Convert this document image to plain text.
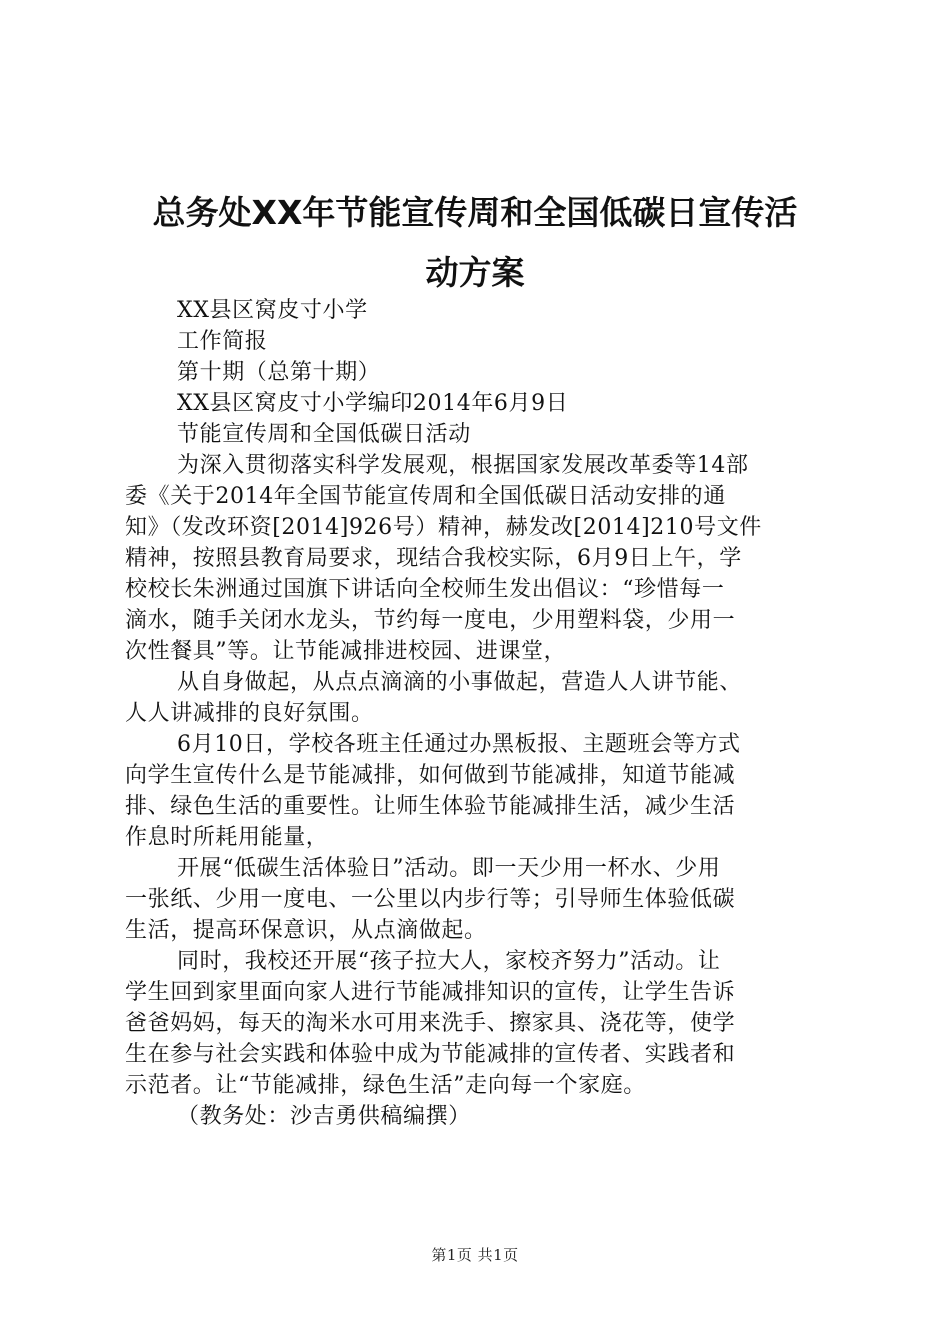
总务处XX年节能宣传周和全国低碳日宣传活
动方案
XX县区窝皮寸小学
工作简报
第十期（总第十期）
XX县区窝皮寸小学编印2014年6月9日
节能宣传周和全国低碳日活动
为深入贯彻落实科学发展观，根据国家发展改革委等14部
委《关于2014年全国节能宣传周和全国低碳日活动安排的通
知》（发改环资[2014]926号）精神，赫发改[2014]210号文件
精神，按照县教育局要求，现结合我校实际，6月9日上午，学
校校长朱洲通过国旗下讲话向全校师生发出倡议：“珍惜每一
滴水，随手关闭水龙头，节约每一度电，少用塑料袋，少用一
次性餐具”等。让节能减排进校园、进课堂，
从自身做起，从点点滴滴的小事做起，营造人人讲节能、
人人讲减排的良好氛围。
6月10日，学校各班主任通过办黑板报、主题班会等方式
向学生宣传什么是节能减排，如何做到节能减排，知道节能减
排、绿色生活的重要性。让师生体验节能减排生活，减少生活
作息时所耗用能量，
开展“低碳生活体验日”活动。即一天少用一杯水、少用
一张纸、少用一度电、一公里以内步行等；引导师生体验低碳
生活，提高环保意识，从点滴做起。
同时，我校还开展“孩子拉大人，家校齐努力”活动。让
学生回到家里面向家人进行节能减排知识的宣传，让学生告诉
爸爸妈妈，每天的淘米水可用来洗手、擦家具、浇花等，使学
生在参与社会实践和体验中成为节能减排的宣传者、实践者和
示范者。让“节能减排，绿色生活”走向每一个家庭。
（教务处：沙吉勇供稿编撰）
第1页 共1页
